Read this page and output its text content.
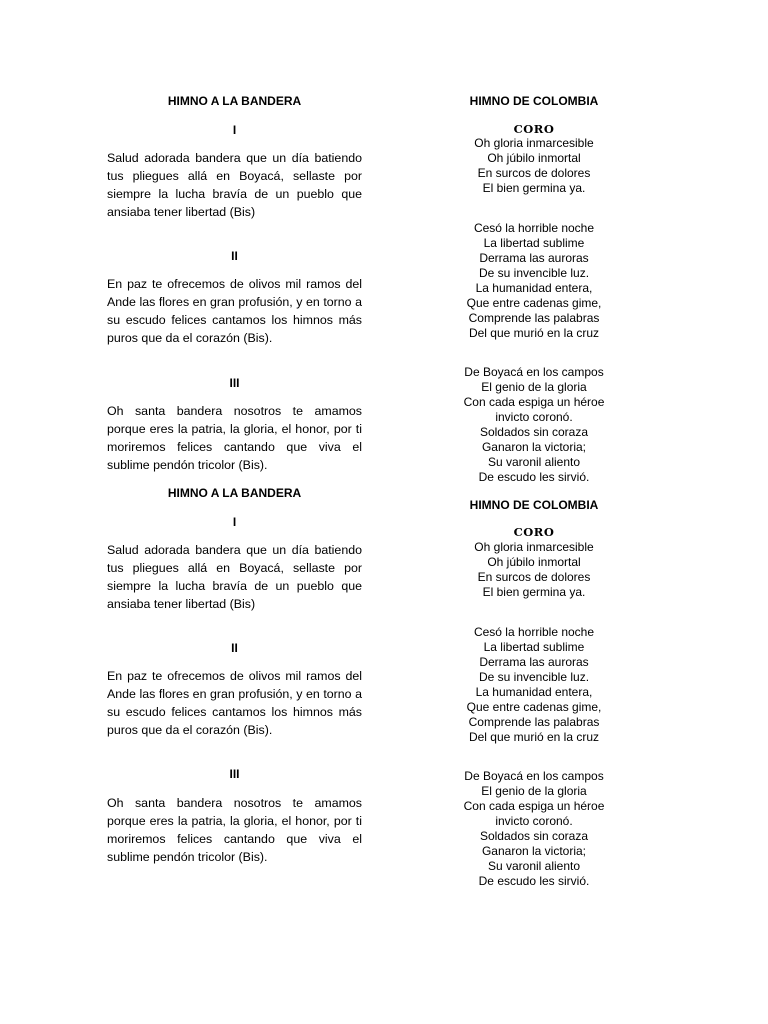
HIMNO A LA BANDERA
I
Salud adorada bandera que un día batiendo tus pliegues allá en Boyacá, sellaste por siempre la lucha bravía de un pueblo que ansiaba tener libertad (Bis)
II
En paz te ofrecemos de olivos mil ramos del Ande las flores en gran profusión, y en torno a su escudo felices cantamos los himnos más puros que da el corazón (Bis).
III
Oh santa bandera nosotros te amamos porque eres la patria, la gloria, el honor, por ti moriremos felices cantando que viva el sublime pendón tricolor (Bis).
HIMNO A LA BANDERA
I
Salud adorada bandera que un día batiendo tus pliegues allá en Boyacá, sellaste por siempre la lucha bravía de un pueblo que ansiaba tener libertad (Bis)
II
En paz te ofrecemos de olivos mil ramos del Ande las flores en gran profusión, y en torno a su escudo felices cantamos los himnos más puros que da el corazón (Bis).
III
Oh santa bandera nosotros te amamos porque eres la patria, la gloria, el honor, por ti moriremos felices cantando que viva el sublime pendón tricolor (Bis).
HIMNO DE COLOMBIA
CORO
Oh gloria inmarcesible
Oh júbilo inmortal
En surcos de dolores
El bien germina ya.
Cesó la horrible noche
La libertad sublime
Derrama las auroras
De su invencible luz.
La humanidad entera,
Que entre cadenas gime,
Comprende las palabras
Del que murió en la cruz
De Boyacá en los campos
El genio de la gloria
Con cada espiga un héroe
invicto coronó.
Soldados sin coraza
Ganaron la victoria;
Su varonil aliento
De escudo les sirvió.
HIMNO DE COLOMBIA
CORO
Oh gloria inmarcesible
Oh júbilo inmortal
En surcos de dolores
El bien germina ya.
Cesó la horrible noche
La libertad sublime
Derrama las auroras
De su invencible luz.
La humanidad entera,
Que entre cadenas gime,
Comprende las palabras
Del que murió en la cruz
De Boyacá en los campos
El genio de la gloria
Con cada espiga un héroe
invicto coronó.
Soldados sin coraza
Ganaron la victoria;
Su varonil aliento
De escudo les sirvió.
